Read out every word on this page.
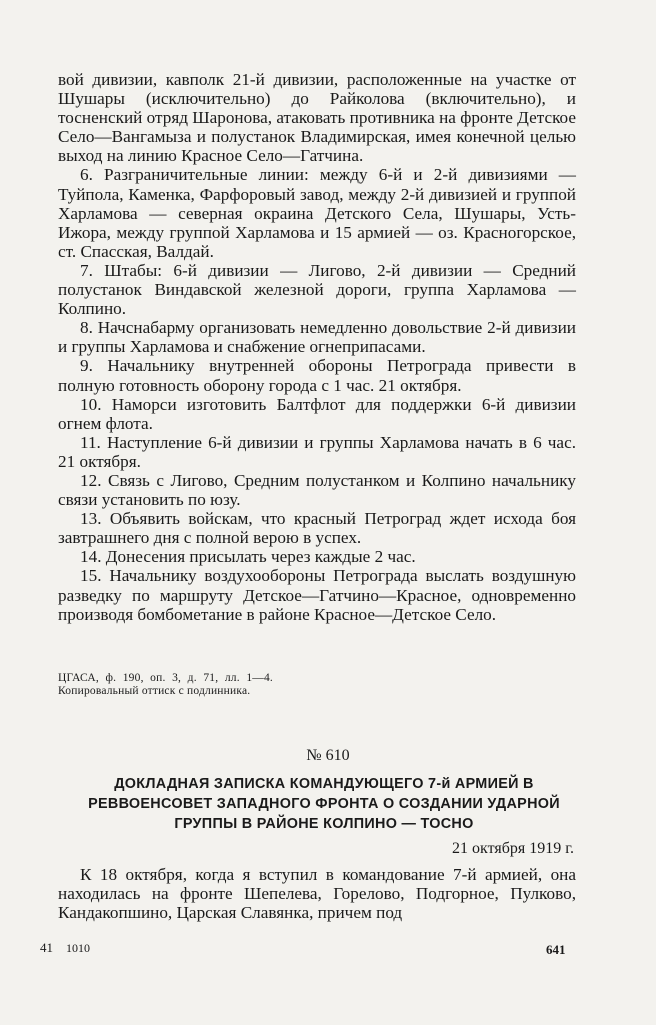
вой дивизии, кавполк 21-й дивизии, расположенные на участке от Шушары (исключительно) до Райколова (включительно), и тосненский отряд Шаронова, атаковать противника на фронте Детское Село—Вангамыза и полустанок Владимирская, имея конечной целью выход на линию Красное Село—Гатчина.

6. Разграничительные линии: между 6-й и 2-й дивизиями — Туйпола, Каменка, Фарфоровый завод, между 2-й дивизией и группой Харламова — северная окраина Детского Села, Шушары, Усть-Ижора, между группой Харламова и 15 армией — оз. Красногорское, ст. Спасская, Валдай.

7. Штабы: 6-й дивизии — Лигово, 2-й дивизии — Средний полустанок Виндавской железной дороги, группа Харламова — Колпино.

8. Начснабарму организовать немедленно довольствие 2-й дивизии и группы Харламова и снабжение огнеприпасами.

9. Начальнику внутренней обороны Петрограда привести в полную готовность оборону города с 1 час. 21 октября.

10. Наморси изготовить Балтфлот для поддержки 6-й дивизии огнем флота.

11. Наступление 6-й дивизии и группы Харламова начать в 6 час. 21 октября.

12. Связь с Лигово, Средним полустанком и Колпино начальнику связи установить по юзу.

13. Объявить войскам, что красный Петроград ждет исхода боя завтрашнего дня с полной верою в успех.

14. Донесения присылать через каждые 2 час.

15. Начальнику воздухообороны Петрограда выслать воздушную разведку по маршруту Детское—Гатчино—Красное, одновременно производя бомбометание в районе Красное—Детское Село.

ЦГАСА, ф. 190, оп. 3, д. 71, лл. 1—4. Копировальный оттиск с подлинника.
№ 610
ДОКЛАДНАЯ ЗАПИСКА КОМАНДУЮЩЕГО 7-й АРМИЕЙ В РЕВВОЕНСОВЕТ ЗАПАДНОГО ФРОНТА О СОЗДАНИИ УДАРНОЙ ГРУППЫ В РАЙОНЕ КОЛПИНО — ТОСНО
21 октября 1919 г.

К 18 октября, когда я вступил в командование 7-й армией, она находилась на фронте Шепелева, Горелово, Подгорное, Пулково, Кандакопшино, Царская Славянка, причем под

41 1010	641
